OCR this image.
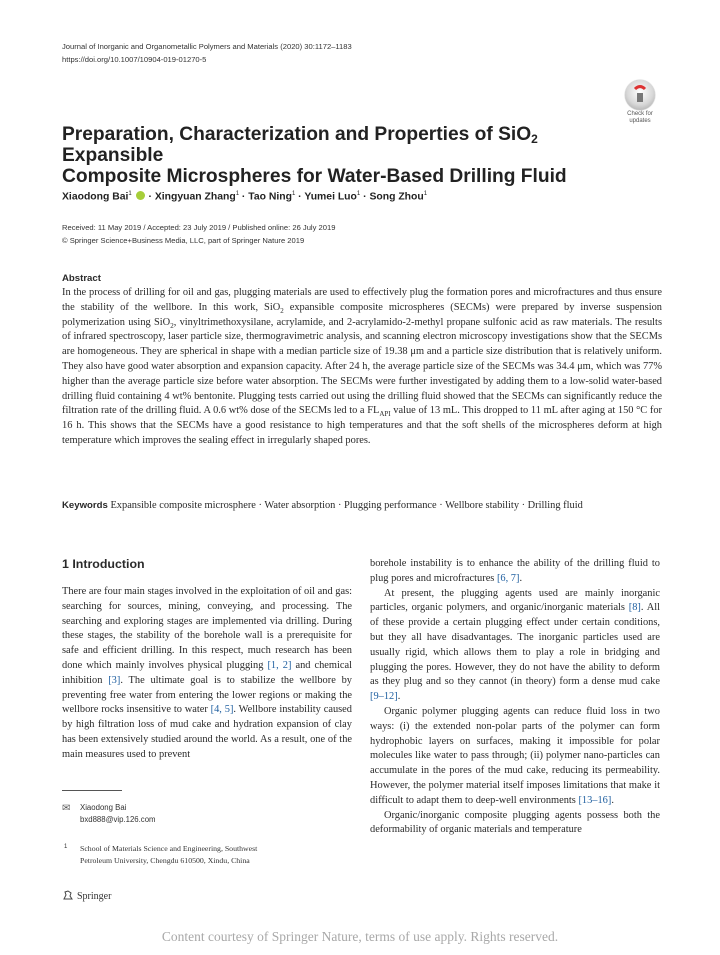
Journal of Inorganic and Organometallic Polymers and Materials (2020) 30:1172–1183
https://doi.org/10.1007/10904-019-01270-5
Check for
updates
Preparation, Characterization and Properties of SiO$_2$ Expansible
Composite Microspheres for Water-Based Drilling Fluid
Xiaodong Bai$^1$  · Xingyuan Zhang$^1$ · Tao Ning$^1$ · Yumei Luo$^1$ · Song Zhou$^1$
Received: 11 May 2019 / Accepted: 23 July 2019 / Published online: 26 July 2019
© Springer Science+Business Media, LLC, part of Springer Nature 2019
Abstract

In the process of drilling for oil and gas, plugging materials are used to effectively plug the formation pores and microfractures and thus ensure the stability of the wellbore. In this work, SiO$_2$ expansible composite microspheres (SECMs) were prepared by inverse suspension polymerization using SiO$_2$, vinyltrimethoxysilane, acrylamide, and 2-acrylamido-2-methyl propane sulfonic acid as raw materials. The results of infrared spectroscopy, laser particle size, thermogravimetric analysis, and scanning electron microscopy investigations show that the SECMs are homogeneous. They are spherical in shape with a median particle size of 19.38 μm and a particle size distribution that is relatively uniform. They also have good water absorption and expansion capacity. After 24 h, the average particle size of the SECMs was 34.4 μm, which was 77% higher than the average particle size before water absorption. The SECMs were further investigated by adding them to a low-solid water-based drilling fluid containing 4 wt% bentonite. Plugging tests carried out using the drilling fluid showed that the SECMs can significantly reduce the filtration rate of the drilling fluid. A 0.6 wt% dose of the SECMs led to a $FL_{API}$ value of 13 mL. This dropped to 11 mL after aging at 150 °C for 16 h. This shows that the SECMs have a good resistance to high temperatures and that the soft shells of the microspheres deform at high temperature which improves the sealing effect in irregularly shaped pores.

Keywords Expansible composite microsphere · Water absorption · Plugging performance · Wellbore stability · Drilling fluid

1 Introduction

There are four main stages involved in the exploitation of oil and gas: searching for sources, mining, conveying, and processing. The searching and exploring stages are implemented via drilling. During these stages, the stability of the borehole wall is a prerequisite for safe and efficient drilling. In this respect, much research has been done which mainly involves physical plugging [1, 2] and chemical inhibition [3]. The ultimate goal is to stabilize the wellbore by preventing free water from entering the lower regions or making the wellbore rocks insensitive to water [4, 5]. Wellbore instability caused by high filtration loss of mud cake and hydration expansion of clay has been extensively studied around the world. As a result, one of the main measures used to prevent

borehole instability is to enhance the ability of the drilling fluid to plug pores and microfractures [6, 7].

At present, the plugging agents used are mainly inorganic particles, organic polymers, and organic/inorganic materials [8]. All of these provide a certain plugging effect under certain conditions, but they all have disadvantages. The inorganic particles used are usually rigid, which allows them to play a role in bridging and plugging the pores. However, they do not have the ability to deform as they plug and so they cannot (in theory) form a dense mud cake [9–12].

Organic polymer plugging agents can reduce fluid loss in two ways: (i) the extended non-polar parts of the polymer can form hydrophobic layers on surfaces, making it impossible for polar molecules like water to pass through; (ii) polymer nano-particles can accumulate in the pores of the mud cake, reducing its permeability. However, the polymer material itself imposes limitations that make it difficult to adapt them to deep-well environments [13–16].

Organic/inorganic composite plugging agents possess both the deformability of organic materials and temperature

✉ Xiaodong Bai
bxd888@vip.126.com
1 School of Materials Science and Engineering, Southwest
Petroleum University, Chengdu 610500, Xindu, China
Springer
Content courtesy of Springer Nature, terms of use apply. Rights reserved.
